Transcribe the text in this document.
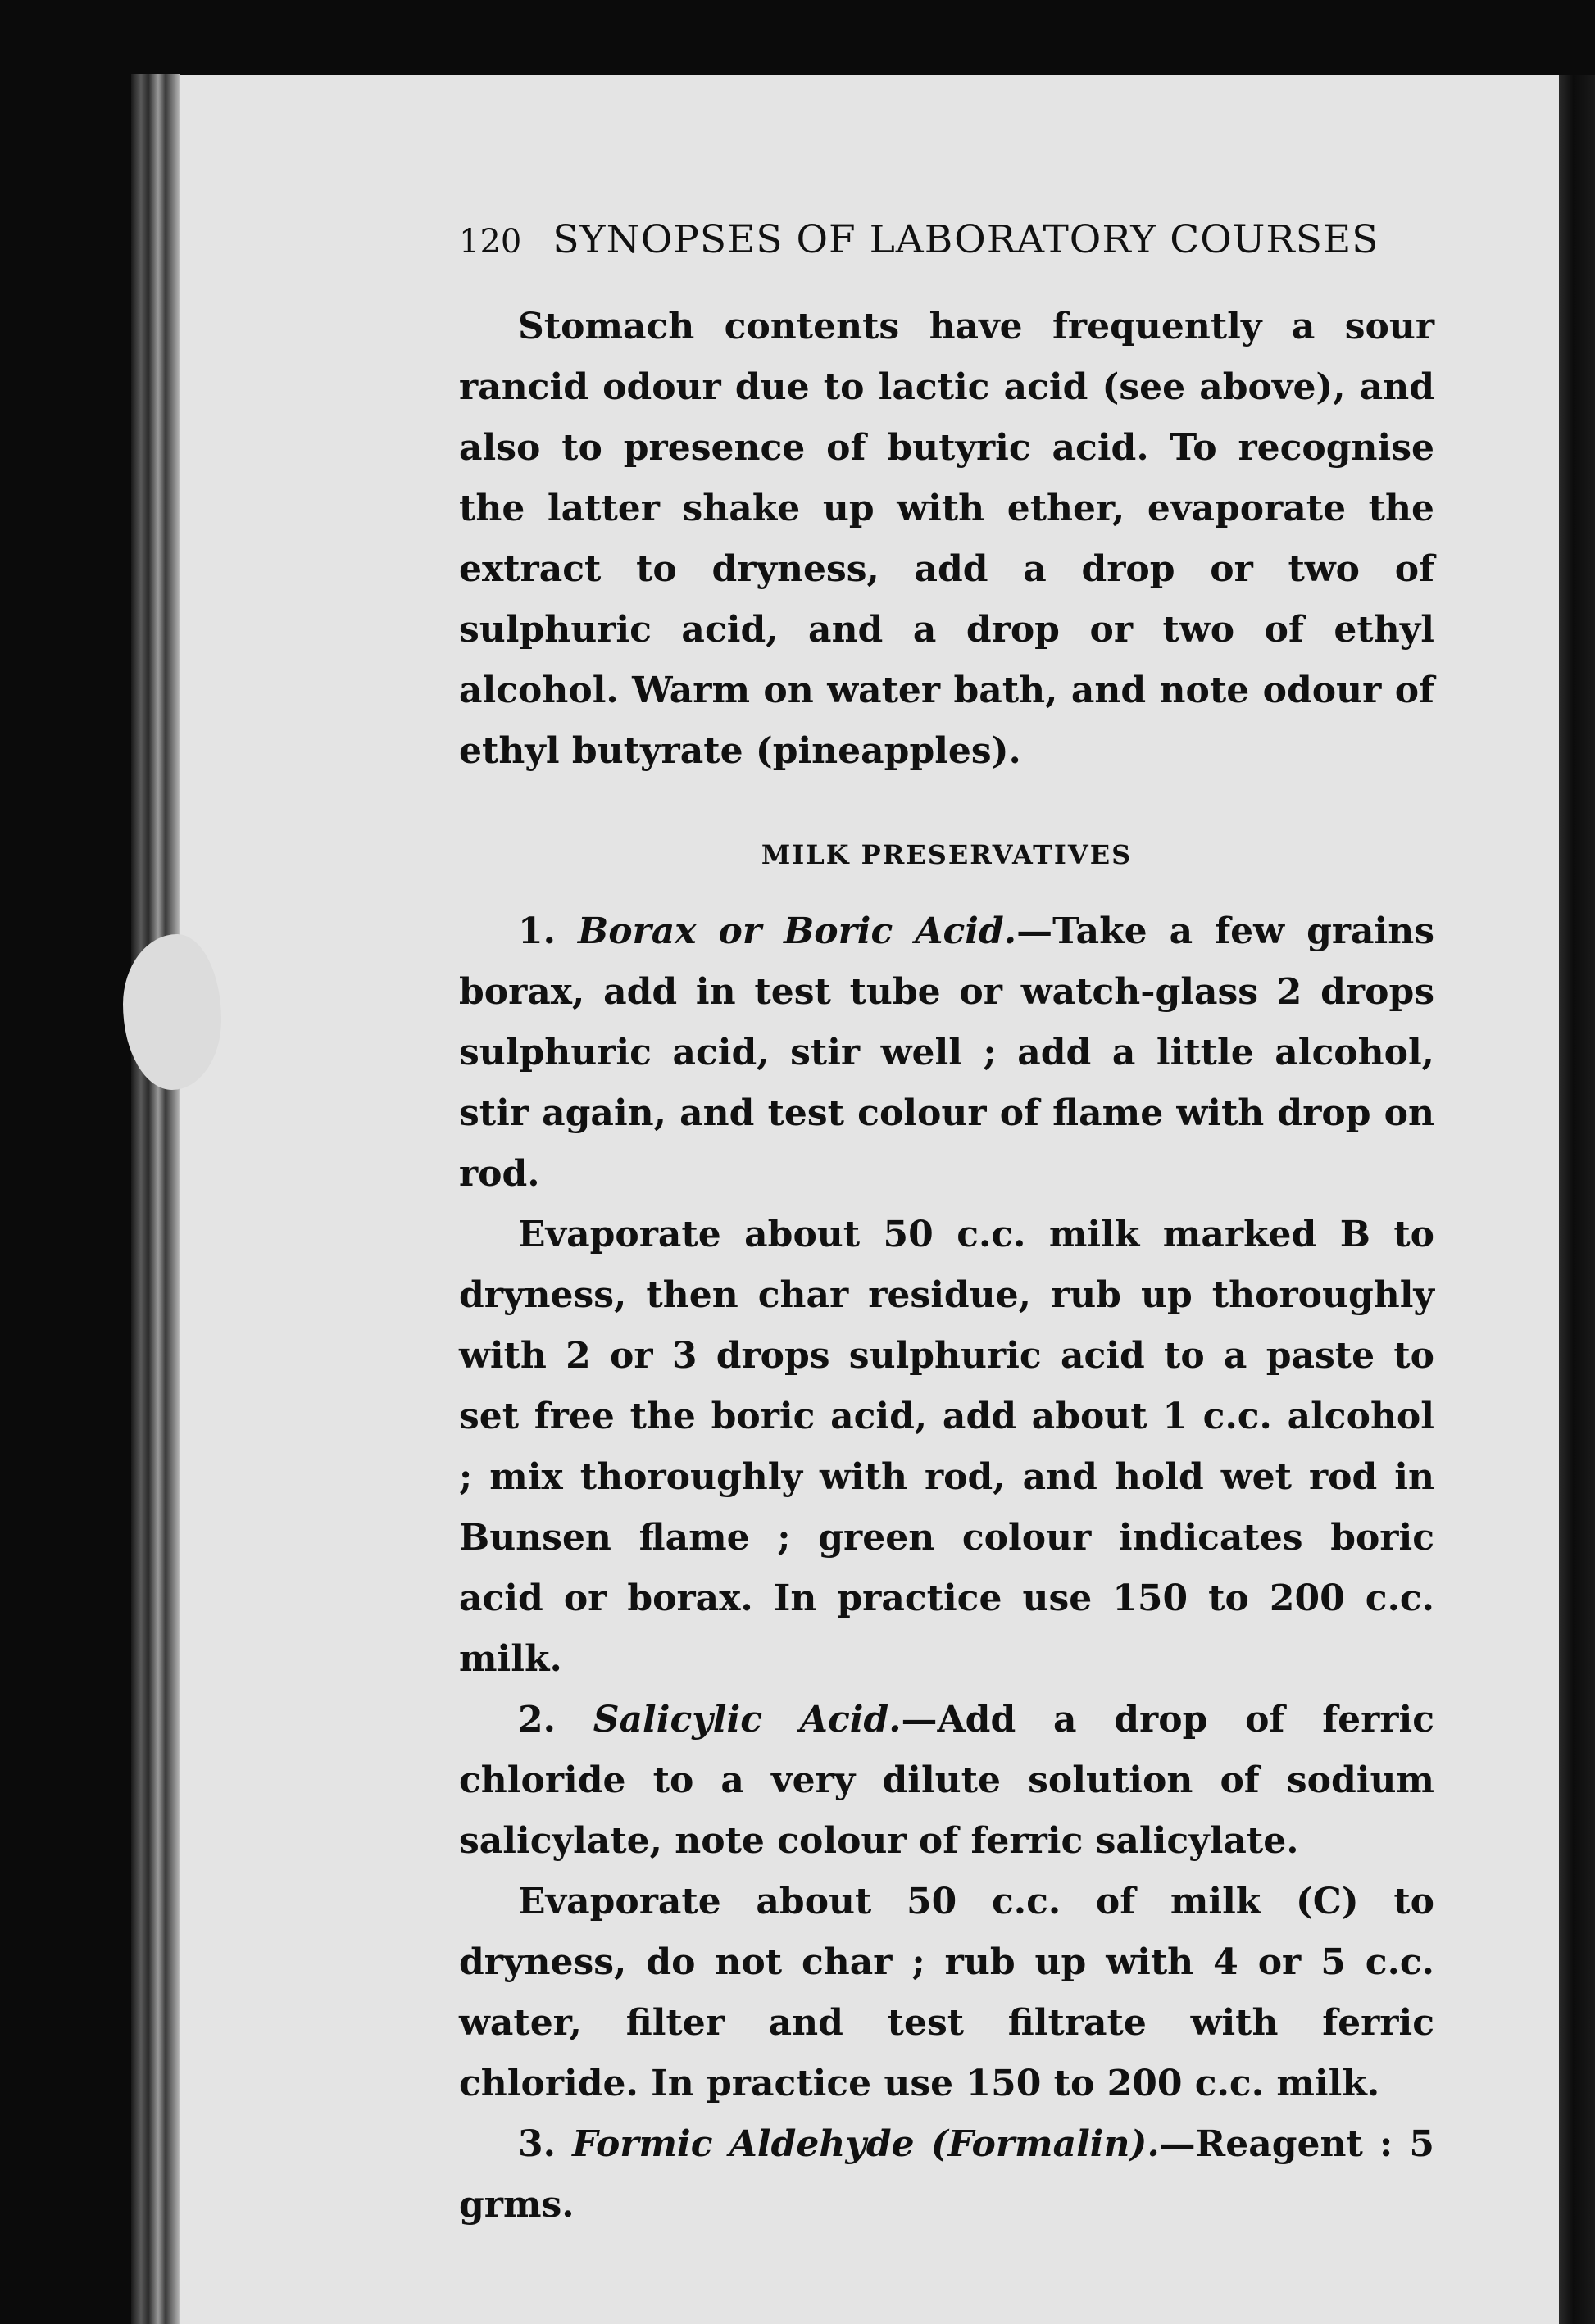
120 SYNOPSES OF LABORATORY COURSES

Stomach contents have frequently a sour rancid odour due to lactic acid (see above), and also to presence of butyric acid. To recognise the latter shake up with ether, evaporate the extract to dryness, add a drop or two of sulphuric acid, and a drop or two of ethyl alcohol. Warm on water bath, and note odour of ethyl butyrate (pineapples).

MILK PRESERVATIVES

1. Borax or Boric Acid.—Take a few grains borax, add in test tube or watch-glass 2 drops sulphuric acid, stir well ; add a little alcohol, stir again, and test colour of flame with drop on rod.

Evaporate about 50 c.c. milk marked B to dryness, then char residue, rub up thoroughly with 2 or 3 drops sulphuric acid to a paste to set free the boric acid, add about 1 c.c. alcohol ; mix thoroughly with rod, and hold wet rod in Bunsen flame ; green colour indicates boric acid or borax. In practice use 150 to 200 c.c. milk.

2. Salicylic Acid.—Add a drop of ferric chloride to a very dilute solution of sodium salicylate, note colour of ferric salicylate.

Evaporate about 50 c.c. of milk (C) to dryness, do not char ; rub up with 4 or 5 c.c. water, filter and test filtrate with ferric chloride. In practice use 150 to 200 c.c. milk.

3. Formic Aldehyde (Formalin).—Reagent : 5 grms.
